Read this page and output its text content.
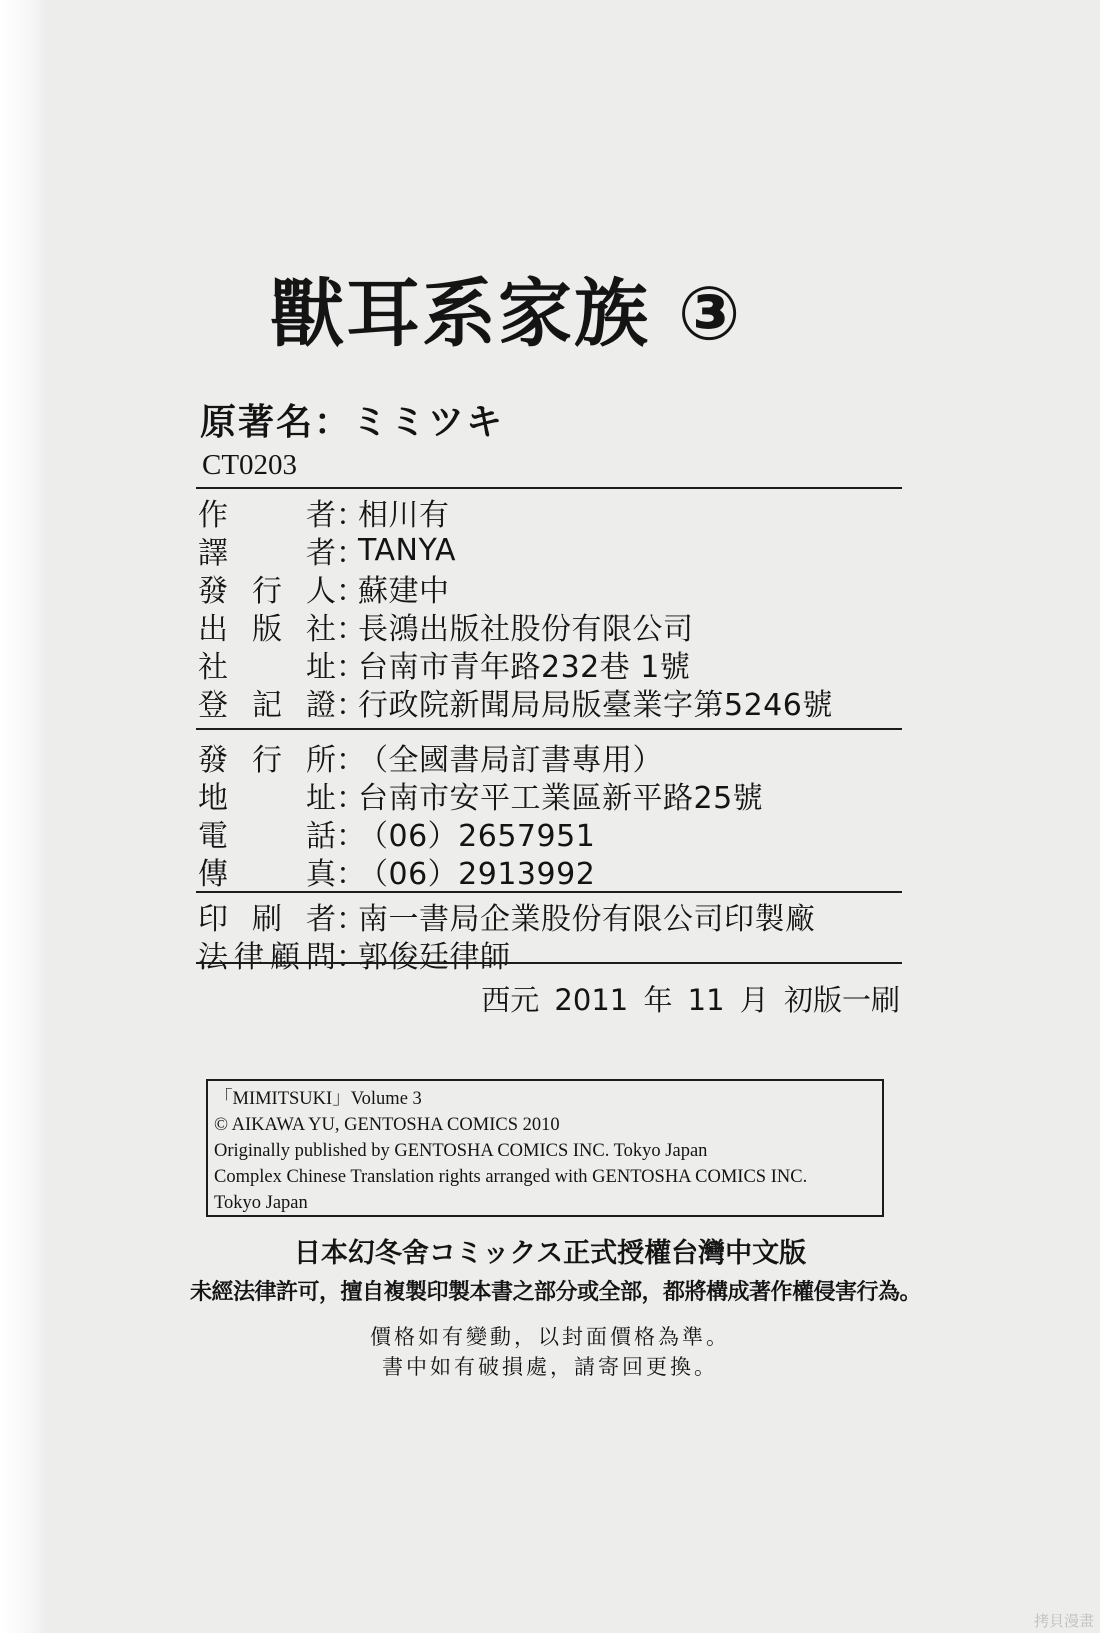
獸耳系家族 ③
原著名：ミミツキ
CT0203
作	者 ：
相川有
譯	者 ：
TANYA
發 行 人 ：
蘇建中
出 版 社 ：
長鴻出版社股份有限公司
社	址 ：
台南市青年路232巷 1號
登 記 證 ：
行政院新聞局局版臺業字第5246號
發 行 所 ：
（全國書局訂書專用）
地	址 ：
台南市安平工業區新平路25號
電	話 ：
（06）2657951
傳	真 ：
（06）2913992
印 刷 者 ：
南一書局企業股份有限公司印製廠
法 律 顧 問 ：
郭俊廷律師
西元 2011 年 11 月 初版一刷
「MIMITSUKI」Volume 3
© AIKAWA YU, GENTOSHA COMICS 2010
Originally published by GENTOSHA COMICS INC. Tokyo Japan
Complex Chinese Translation rights arranged with GENTOSHA COMICS INC.
Tokyo Japan
日本幻冬舍コミックス正式授權台灣中文版
未經法律許可，擅自複製印製本書之部分或全部，都將構成著作權侵害行為。
價格如有變動，以封面價格為準。
書中如有破損處，請寄回更換。
拷貝漫畫
